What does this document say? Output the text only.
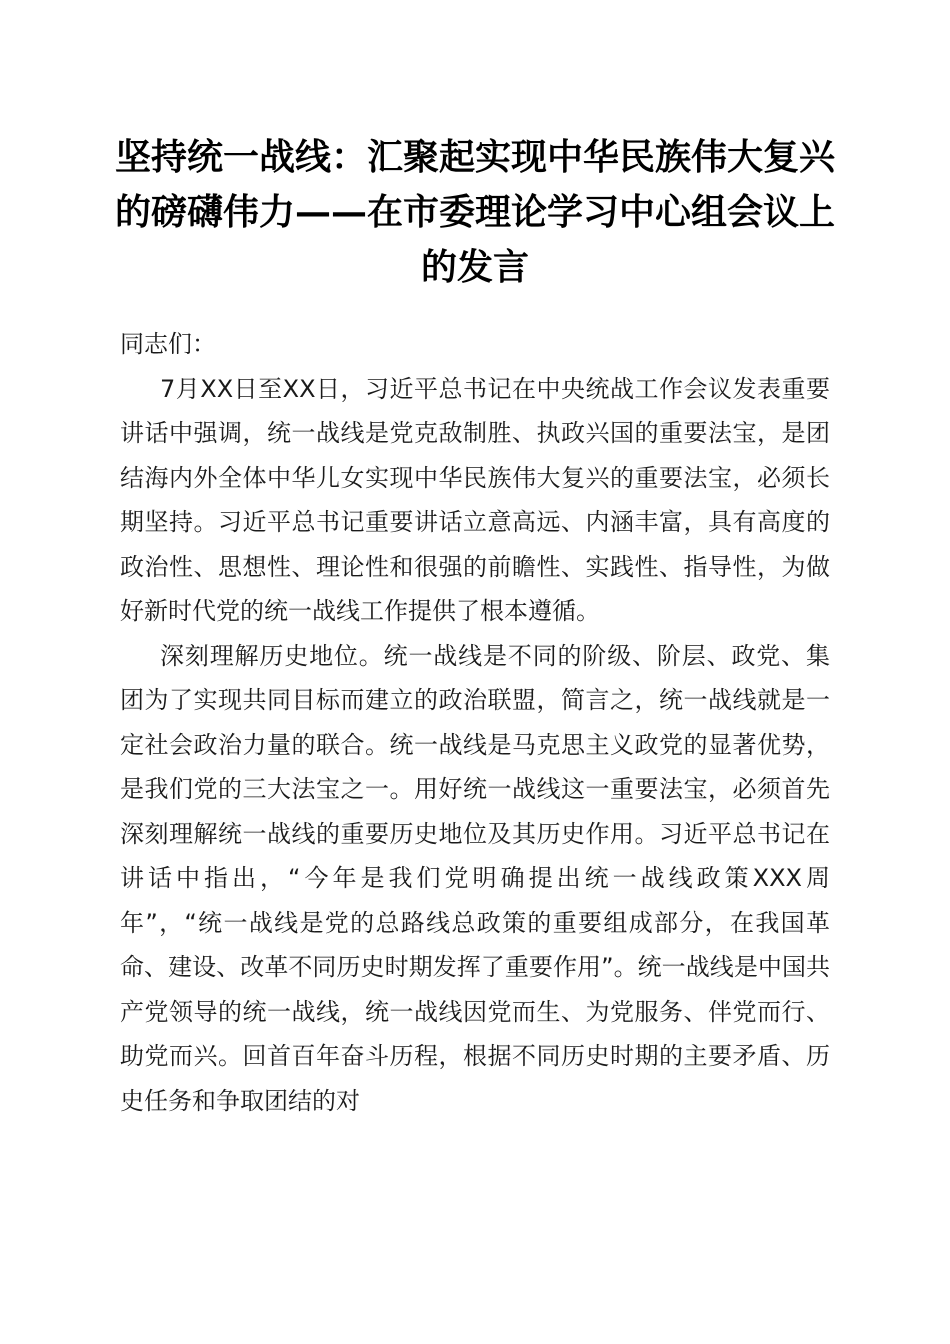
坚持统一战线：汇聚起实现中华民族伟大复兴
的磅礴伟力——在市委理论学习中心组会议上
的发言

同志们：

7月XX日至XX日，习近平总书记在中央统战工作会议发表重要讲话中强调，统一战线是党克敌制胜、执政兴国的重要法宝，是团结海内外全体中华儿女实现中华民族伟大复兴的重要法宝，必须长期坚持。习近平总书记重要讲话立意高远、内涵丰富，具有高度的政治性、思想性、理论性和很强的前瞻性、实践性、指导性，为做好新时代党的统一战线工作提供了根本遵循。

深刻理解历史地位。统一战线是不同的阶级、阶层、政党、集团为了实现共同目标而建立的政治联盟，简言之，统一战线就是一定社会政治力量的联合。统一战线是马克思主义政党的显著优势，是我们党的三大法宝之一。用好统一战线这一重要法宝，必须首先深刻理解统一战线的重要历史地位及其历史作用。习近平总书记在讲话中指出，“今年是我们党明确提出统一战线政策XXX周年”，“统一战线是党的总路线总政策的重要组成部分，在我国革命、建设、改革不同历史时期发挥了重要作用”。统一战线是中国共产党领导的统一战线，统一战线因党而生、为党服务、伴党而行、助党而兴。回首百年奋斗历程，根据不同历史时期的主要矛盾、历史任务和争取团结的对
